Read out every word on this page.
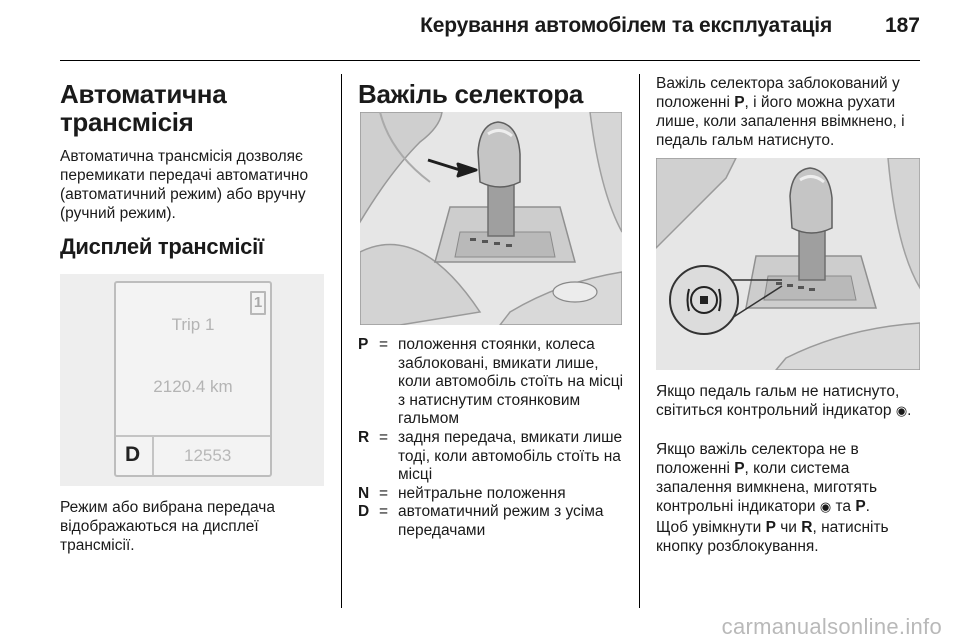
Керування автомобілем та експлуатація	187
Автоматична трансмісія

Автоматична трансмісія дозволяє перемикати передачі автоматично (автоматичний режим) або вручну (ручний режим).

Дисплей трансмісії
1
Trip 1
2120.4 km
D	12553

Режим або вибрана передача відображаються на дисплеї трансмісії.

Важіль селектора
P = положення стоянки, колеса заблоковані, вмикати лише, коли автомобіль стоїть на місці з натиснутим стоянковим гальмом
R = задня передача, вмикати лише тоді, коли автомобіль стоїть на місці
N = нейтральне положення
D = автоматичний режим з усіма передачами

Важіль селектора заблокований у положенні P, і його можна рухати лише, коли запалення ввімкнено, і педаль гальм натиснуто.

Якщо педаль гальм не натиснуто, світиться контрольний індикатор ◉.

Якщо важіль селектора не в положенні P, коли система запалення вимкнена, миготять контрольні індикатори ◉ та P.

Щоб увімкнути P чи R, натисніть кнопку розблокування.

carmanualsonline.info
